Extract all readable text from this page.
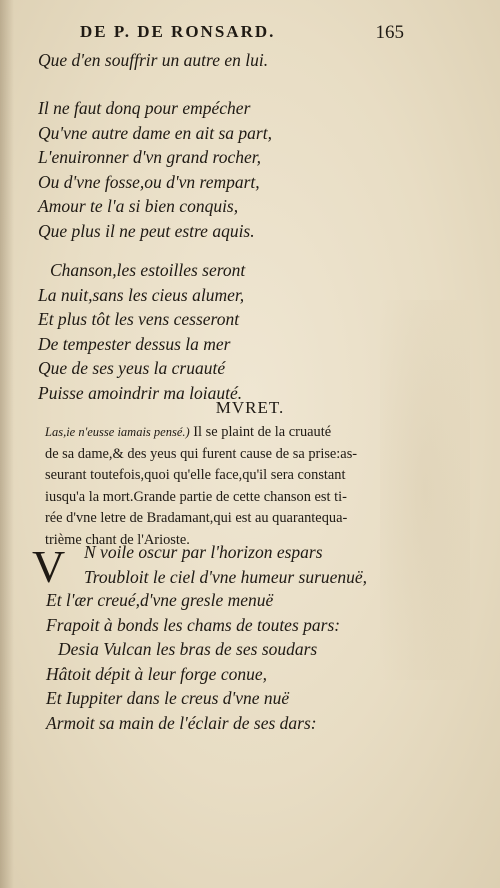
DE P. DE RONSARD.	165
Que d'en souffrir un autre en lui.
Il ne faut donq pour empécher
Qu'vne autre dame en ait sa part,
L'enuironner d'vn grand rocher,
Ou d'vne fosse,ou d'vn rempart,
Amour te l'a si bien conquis,
Que plus il ne peut estre aquis.
Chanson,les estoilles seront
La nuit,sans les cieus alumer,
Et plus tôt les vens cesseront
De tempester dessus la mer
Que de ses yeus la cruauté
Puisse amoindrir ma loiauté.
MVRET.
Las,ie n'eusse iamais pensé.) Il se plaint de la cruauté
de sa dame,& des yeus qui furent cause de sa prise:as-
seurant toutefois,quoi qu'elle face,qu'il sera constant
iusqu'a la mort.Grande partie de cette chanson est ti-
rée d'vne letre de Bradamant,qui est au quarantequa-
trième chant de l'Arioste.
V N voile oscur par l'horizon espars
Troubloit le ciel d'vne humeur suruenuë,
Et l'ær creué,d'vne gresle menuë
Frapoit à bonds les chams de toutes pars:
Desia Vulcan les bras de ses soudars
Hâtoit dépit à leur forge conue,
Et Iuppiter dans le creus d'vne nuë
Armoit sa main de l'éclair de ses dars:
